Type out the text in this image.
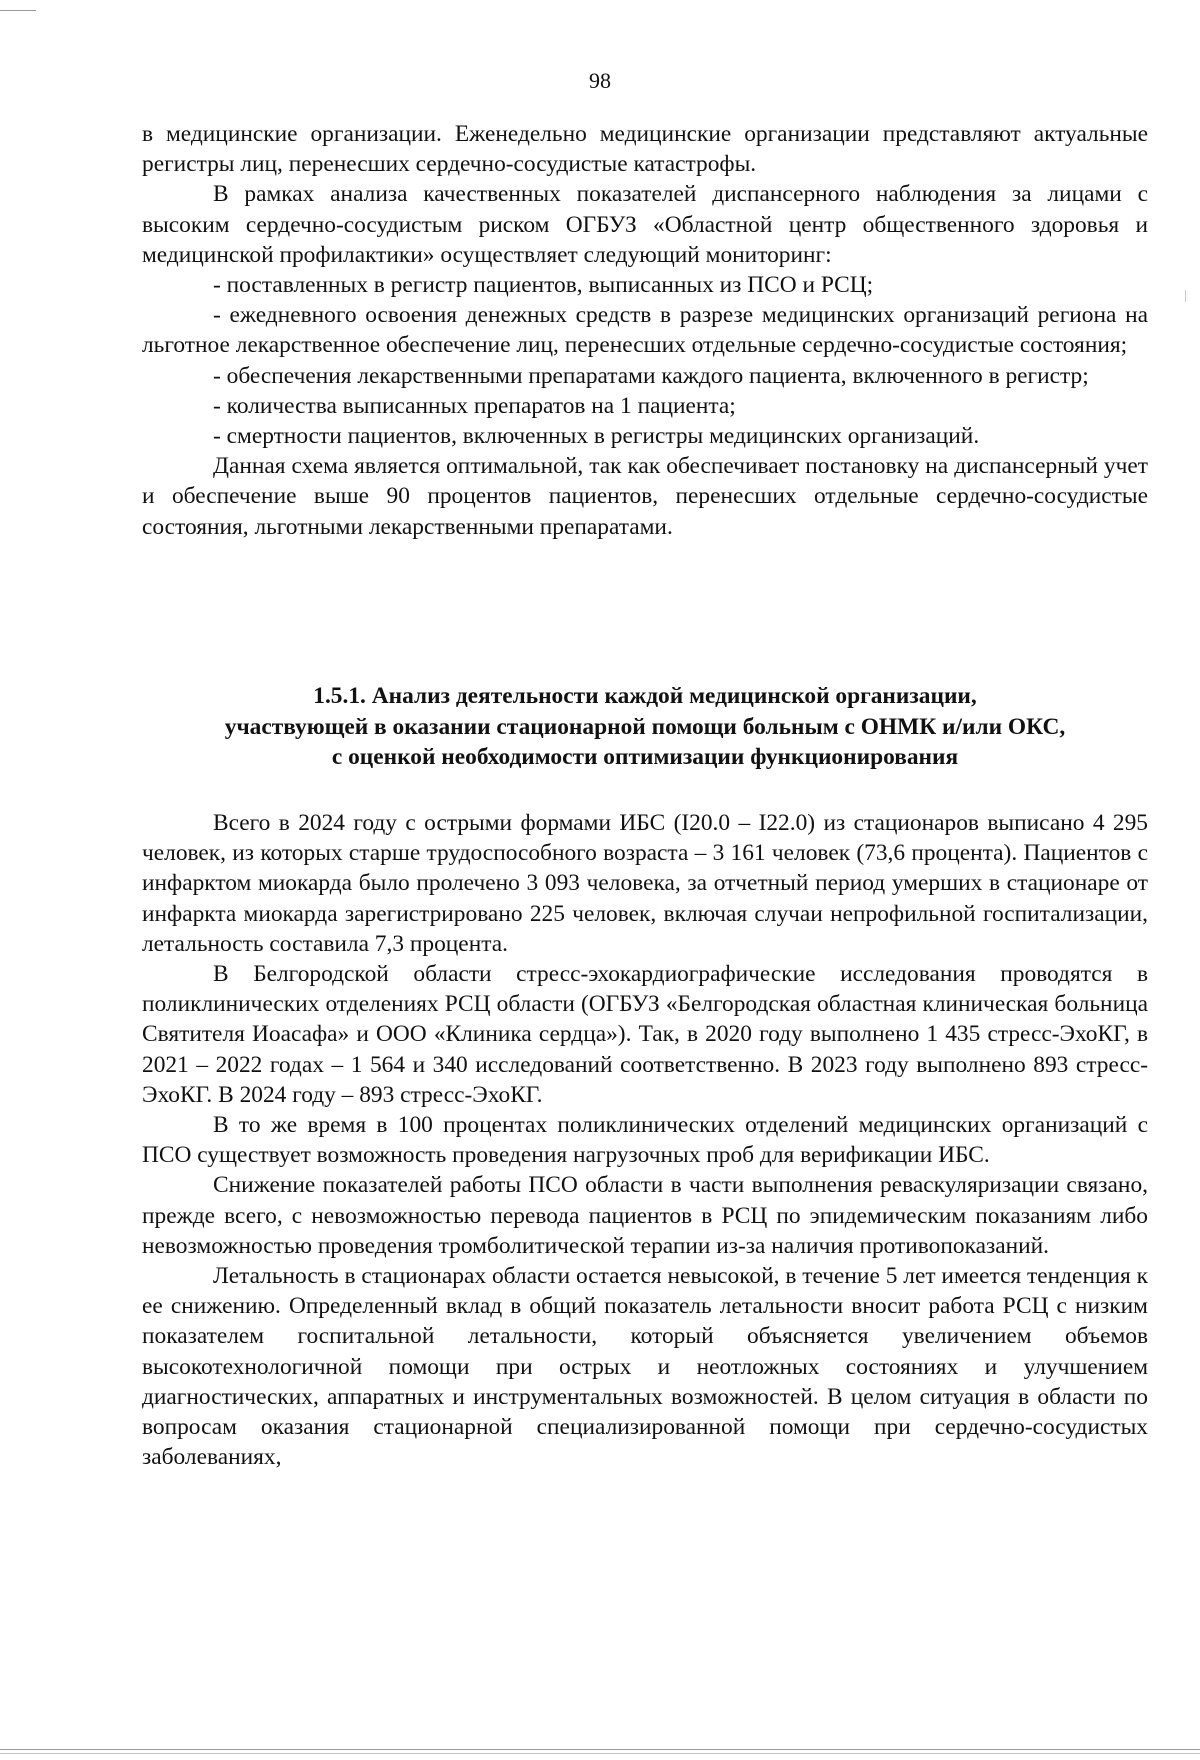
98

в медицинские организации. Еженедельно медицинские организации представляют актуальные регистры лиц, перенесших сердечно-сосудистые катастрофы.

В рамках анализа качественных показателей диспансерного наблюдения за лицами с высоким сердечно-сосудистым риском ОГБУЗ «Областной центр общественного здоровья и медицинской профилактики» осуществляет следующий мониторинг:

- поставленных в регистр пациентов, выписанных из ПСО и РСЦ;

- ежедневного освоения денежных средств в разрезе медицинских организаций региона на льготное лекарственное обеспечение лиц, перенесших отдельные сердечно-сосудистые состояния;

- обеспечения лекарственными препаратами каждого пациента, включенного в регистр;

- количества выписанных препаратов на 1 пациента;

- смертности пациентов, включенных в регистры медицинских организаций.

Данная схема является оптимальной, так как обеспечивает постановку на диспансерный учет и обеспечение выше 90 процентов пациентов, перенесших отдельные сердечно-сосудистые состояния, льготными лекарственными препаратами.

1.5.1. Анализ деятельности каждой медицинской организации,
участвующей в оказании стационарной помощи больным с ОНМК и/или ОКС,
с оценкой необходимости оптимизации функционирования

Всего в 2024 году с острыми формами ИБС (I20.0 – I22.0) из стационаров выписано 4 295 человек, из которых старше трудоспособного возраста – 3 161 человек (73,6 процента). Пациентов с инфарктом миокарда было пролечено 3 093 человека, за отчетный период умерших в стационаре от инфаркта миокарда зарегистрировано 225 человек, включая случаи непрофильной госпитализации, летальность составила 7,3 процента.

В Белгородской области стресс-эхокардиографические исследования проводятся в поликлинических отделениях РСЦ области (ОГБУЗ «Белгородская областная клиническая больница Святителя Иоасафа» и ООО «Клиника сердца»). Так, в 2020 году выполнено 1 435 стресс-ЭхоКГ, в 2021 – 2022 годах – 1 564 и 340 исследований соответственно. В 2023 году выполнено 893 стресс-ЭхоКГ. В 2024 году – 893 стресс-ЭхоКГ.

В то же время в 100 процентах поликлинических отделений медицинских организаций с ПСО существует возможность проведения нагрузочных проб для верификации ИБС.

Снижение показателей работы ПСО области в части выполнения реваскуляризации связано, прежде всего, с невозможностью перевода пациентов в РСЦ по эпидемическим показаниям либо невозможностью проведения тромболитической терапии из-за наличия противопоказаний.

Летальность в стационарах области остается невысокой, в течение 5 лет имеется тенденция к ее снижению. Определенный вклад в общий показатель летальности вносит работа РСЦ с низким показателем госпитальной летальности, который объясняется увеличением объемов высокотехнологичной помощи при острых и неотложных состояниях и улучшением диагностических, аппаратных и инструментальных возможностей. В целом ситуация в области по вопросам оказания стационарной специализированной помощи при сердечно-сосудистых заболеваниях,
